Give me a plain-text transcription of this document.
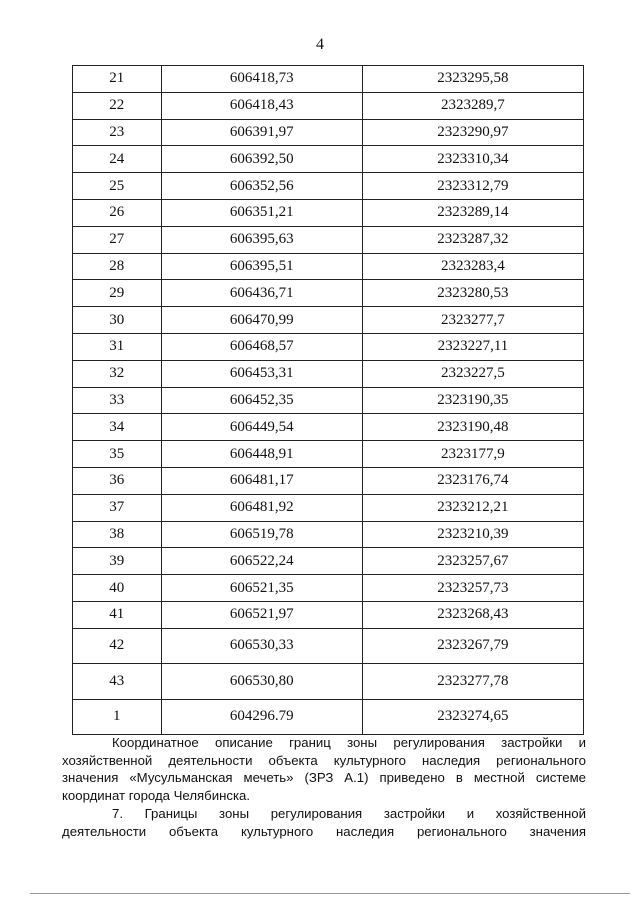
4
21	606418,73	2323295,58
22	606418,43	2323289,7
23	606391,97	2323290,97
24	606392,50	2323310,34
25	606352,56	2323312,79
26	606351,21	2323289,14
27	606395,63	2323287,32
28	606395,51	2323283,4
29	606436,71	2323280,53
30	606470,99	2323277,7
31	606468,57	2323227,11
32	606453,31	2323227,5
33	606452,35	2323190,35
34	606449,54	2323190,48
35	606448,91	2323177,9
36	606481,17	2323176,74
37	606481,92	2323212,21
38	606519,78	2323210,39
39	606522,24	2323257,67
40	606521,35	2323257,73
41	606521,97	2323268,43
42	606530,33	2323267,79
43	606530,80	2323277,78
1	604296.79	2323274,65
Координатное описание границ зоны регулирования застройки и
хозяйственной деятельности объекта культурного наследия регионального
значения «Мусульманская мечеть» (ЗРЗ А.1) приведено в местной системе
координат города Челябинска.
7. Границы зоны регулирования застройки и хозяйственной
деятельности объекта культурного наследия регионального значения
